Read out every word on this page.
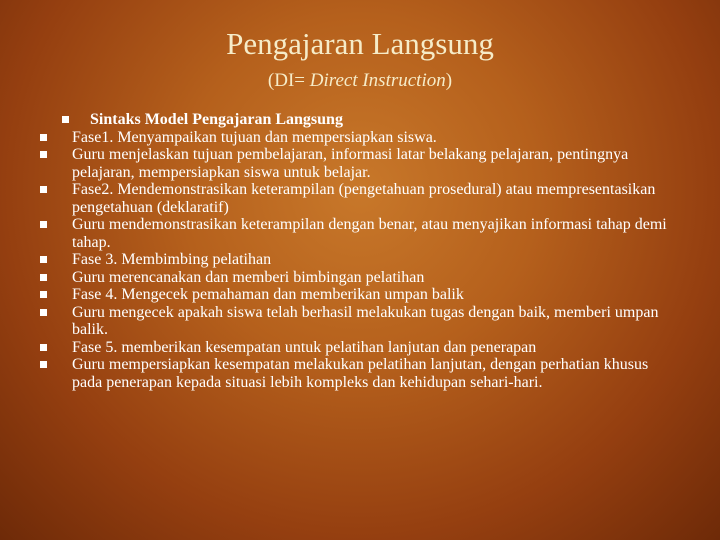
Pengajaran Langsung
(DI= Direct Instruction)
Sintaks Model Pengajaran Langsung
Fase1. Menyampaikan tujuan dan mempersiapkan siswa.
Guru menjelaskan tujuan pembelajaran, informasi latar belakang pelajaran, pentingnya pelajaran, mempersiapkan siswa untuk belajar.
Fase2. Mendemonstrasikan keterampilan (pengetahuan prosedural) atau mempresentasikan pengetahuan (deklaratif)
Guru mendemonstrasikan keterampilan dengan benar, atau menyajikan informasi tahap demi tahap.
Fase 3. Membimbing pelatihan
Guru merencanakan dan memberi bimbingan pelatihan
Fase 4. Mengecek pemahaman dan memberikan umpan balik
Guru mengecek apakah siswa telah berhasil melakukan tugas dengan baik, memberi umpan balik.
Fase 5. memberikan kesempatan untuk pelatihan lanjutan dan penerapan
Guru mempersiapkan kesempatan melakukan pelatihan lanjutan, dengan perhatian khusus pada penerapan kepada situasi lebih kompleks dan kehidupan sehari-hari.
